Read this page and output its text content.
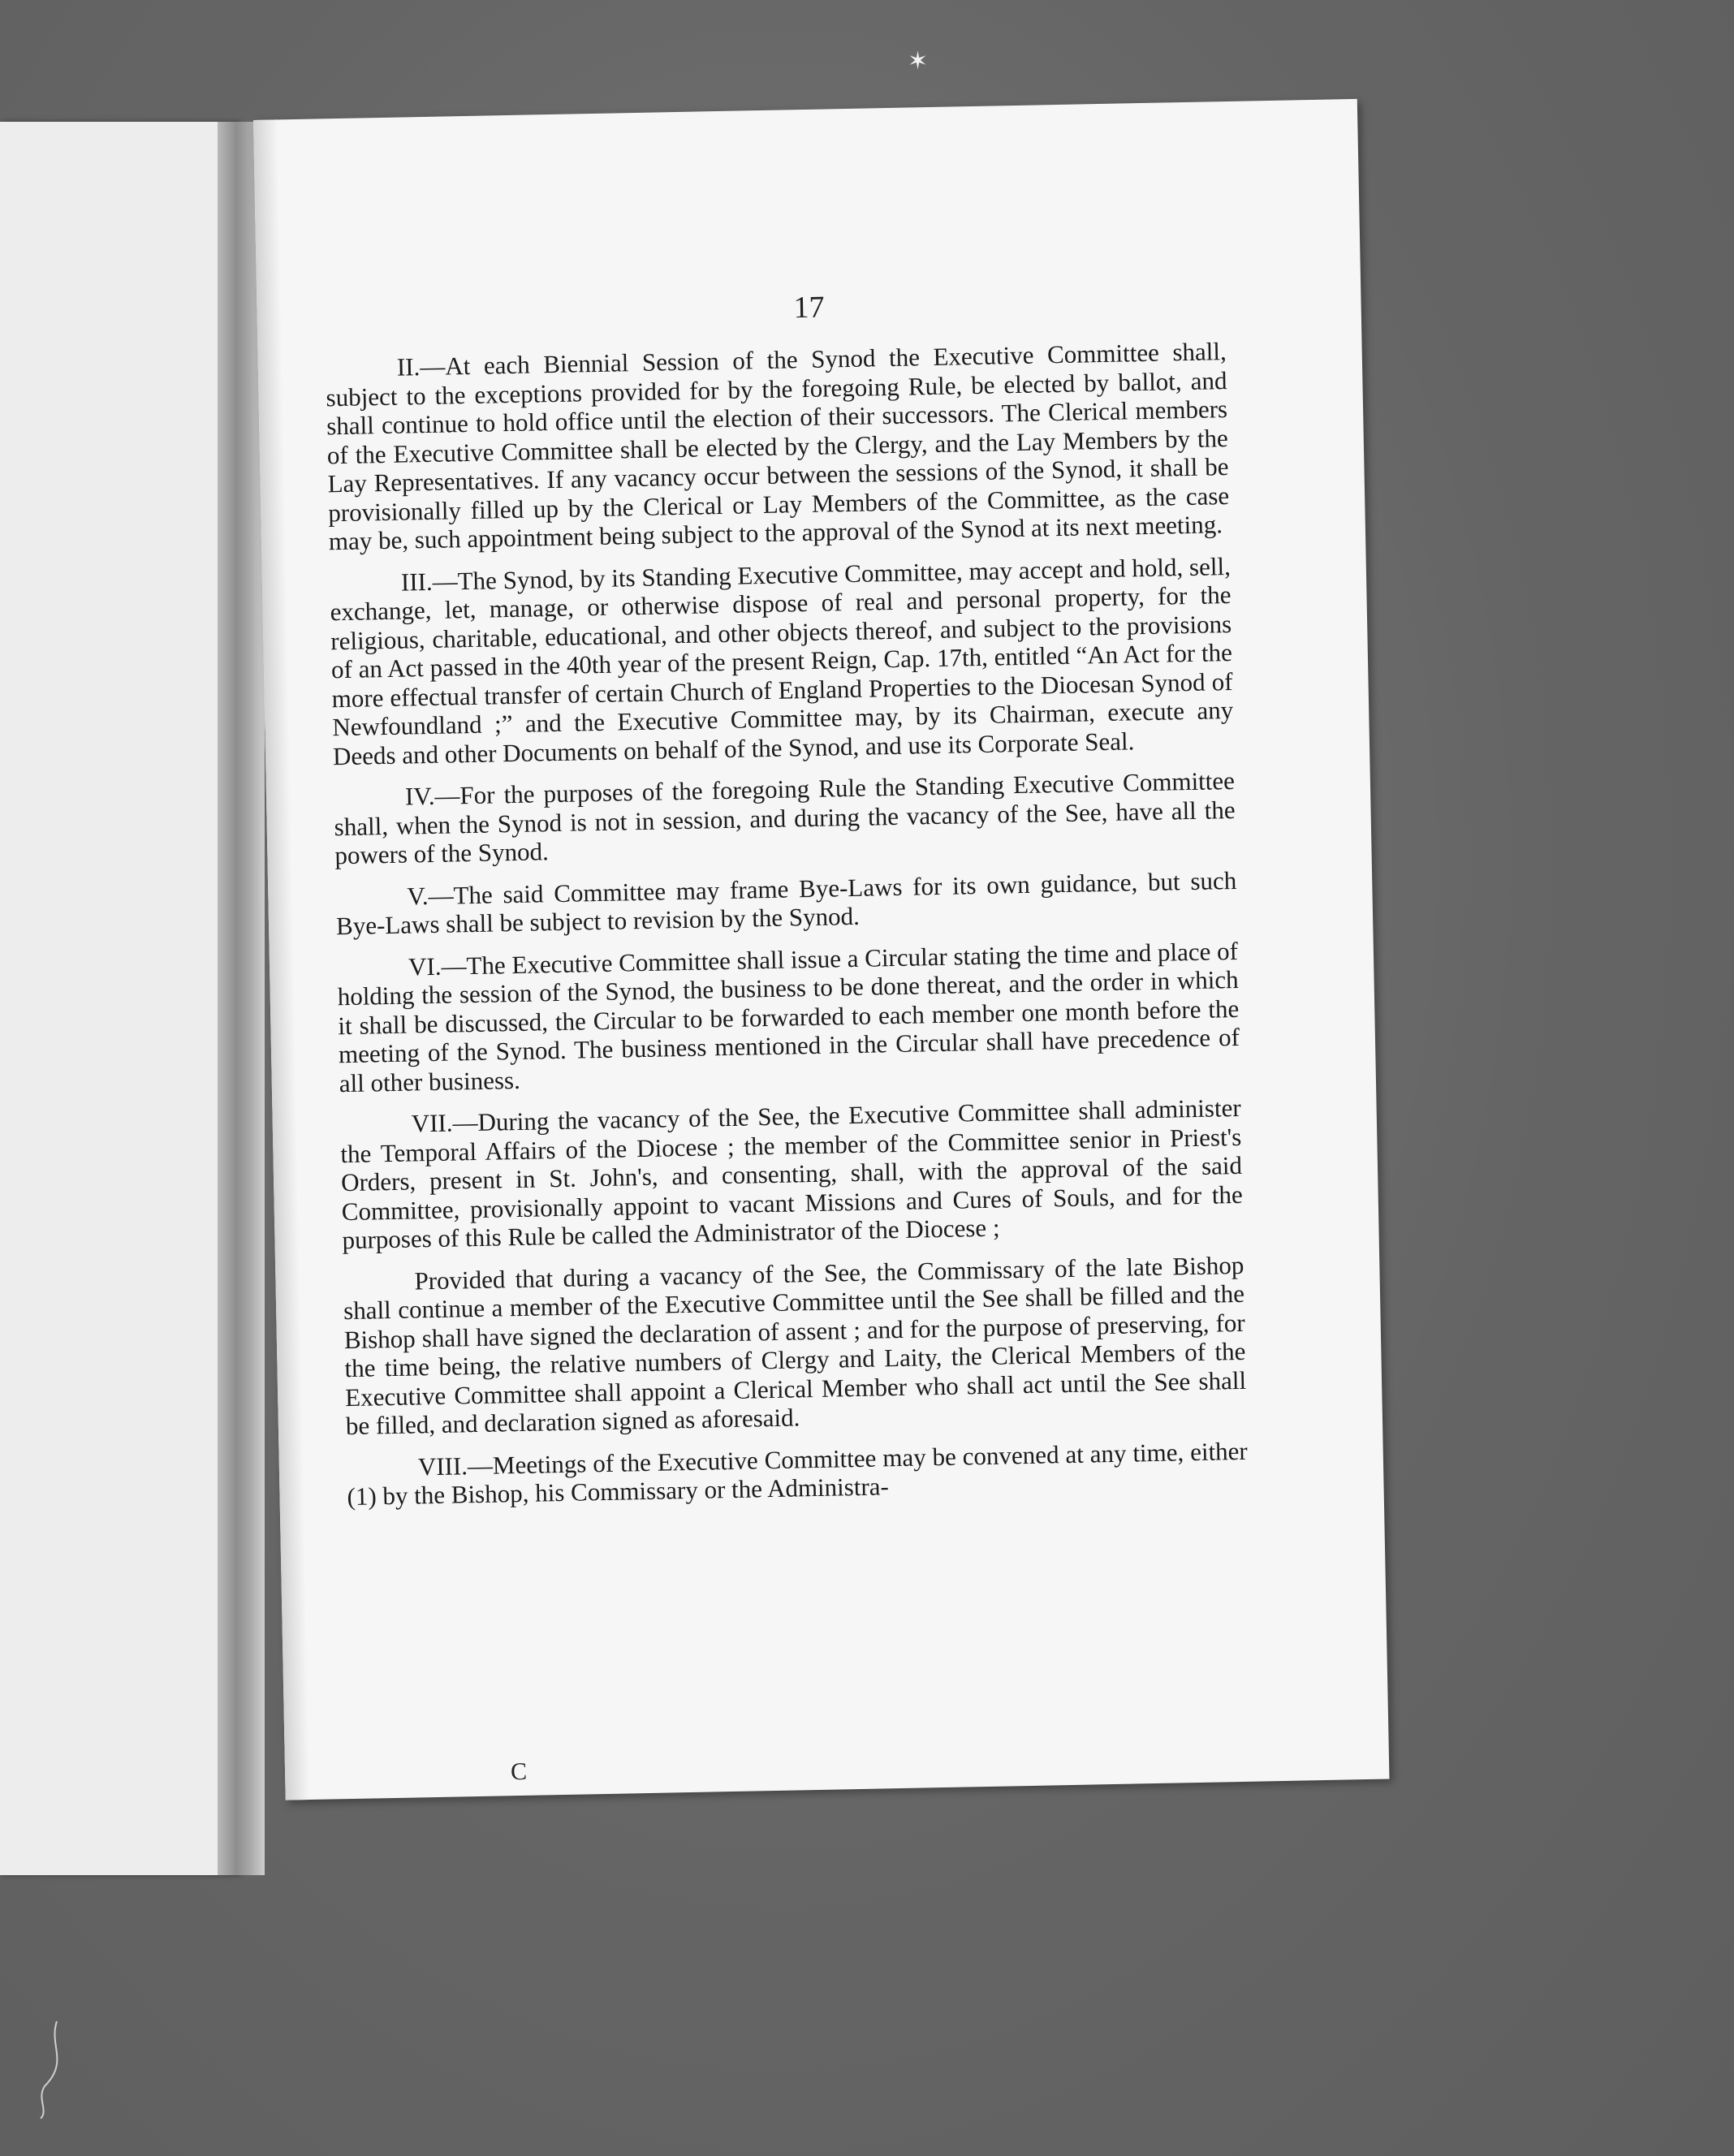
17

II.—At each Biennial Session of the Synod the Executive Committee shall, subject to the exceptions provided for by the foregoing Rule, be elected by ballot, and shall continue to hold office until the election of their successors. The Clerical members of the Executive Committee shall be elected by the Clergy, and the Lay Members by the Lay Representatives. If any vacancy occur between the sessions of the Synod, it shall be provisionally filled up by the Clerical or Lay Members of the Committee, as the case may be, such appointment being subject to the approval of the Synod at its next meeting.

III.—The Synod, by its Standing Executive Committee, may accept and hold, sell, exchange, let, manage, or otherwise dispose of real and personal property, for the religious, charitable, educational, and other objects thereof, and subject to the provisions of an Act passed in the 40th year of the present Reign, Cap. 17th, entitled “An Act for the more effectual transfer of certain Church of England Properties to the Diocesan Synod of Newfoundland ;” and the Executive Committee may, by its Chairman, execute any Deeds and other Documents on behalf of the Synod, and use its Corporate Seal.

IV.—For the purposes of the foregoing Rule the Standing Executive Committee shall, when the Synod is not in session, and during the vacancy of the See, have all the powers of the Synod.

V.—The said Committee may frame Bye-Laws for its own guidance, but such Bye-Laws shall be subject to revision by the Synod.

VI.—The Executive Committee shall issue a Circular stating the time and place of holding the session of the Synod, the business to be done thereat, and the order in which it shall be discussed, the Circular to be forwarded to each member one month before the meeting of the Synod. The business mentioned in the Circular shall have precedence of all other business.

VII.—During the vacancy of the See, the Executive Committee shall administer the Temporal Affairs of the Diocese ; the member of the Committee senior in Priest's Orders, present in St. John's, and consenting, shall, with the approval of the said Committee, provisionally appoint to vacant Missions and Cures of Souls, and for the purposes of this Rule be called the Administrator of the Diocese ;

Provided that during a vacancy of the See, the Commissary of the late Bishop shall continue a member of the Executive Committee until the See shall be filled and the Bishop shall have signed the declaration of assent ; and for the purpose of preserving, for the time being, the relative numbers of Clergy and Laity, the Clerical Members of the Executive Committee shall appoint a Clerical Member who shall act until the See shall be filled, and declaration signed as aforesaid.

VIII.—Meetings of the Executive Committee may be convened at any time, either (1) by the Bishop, his Commissary or the Administra-

C
✶
